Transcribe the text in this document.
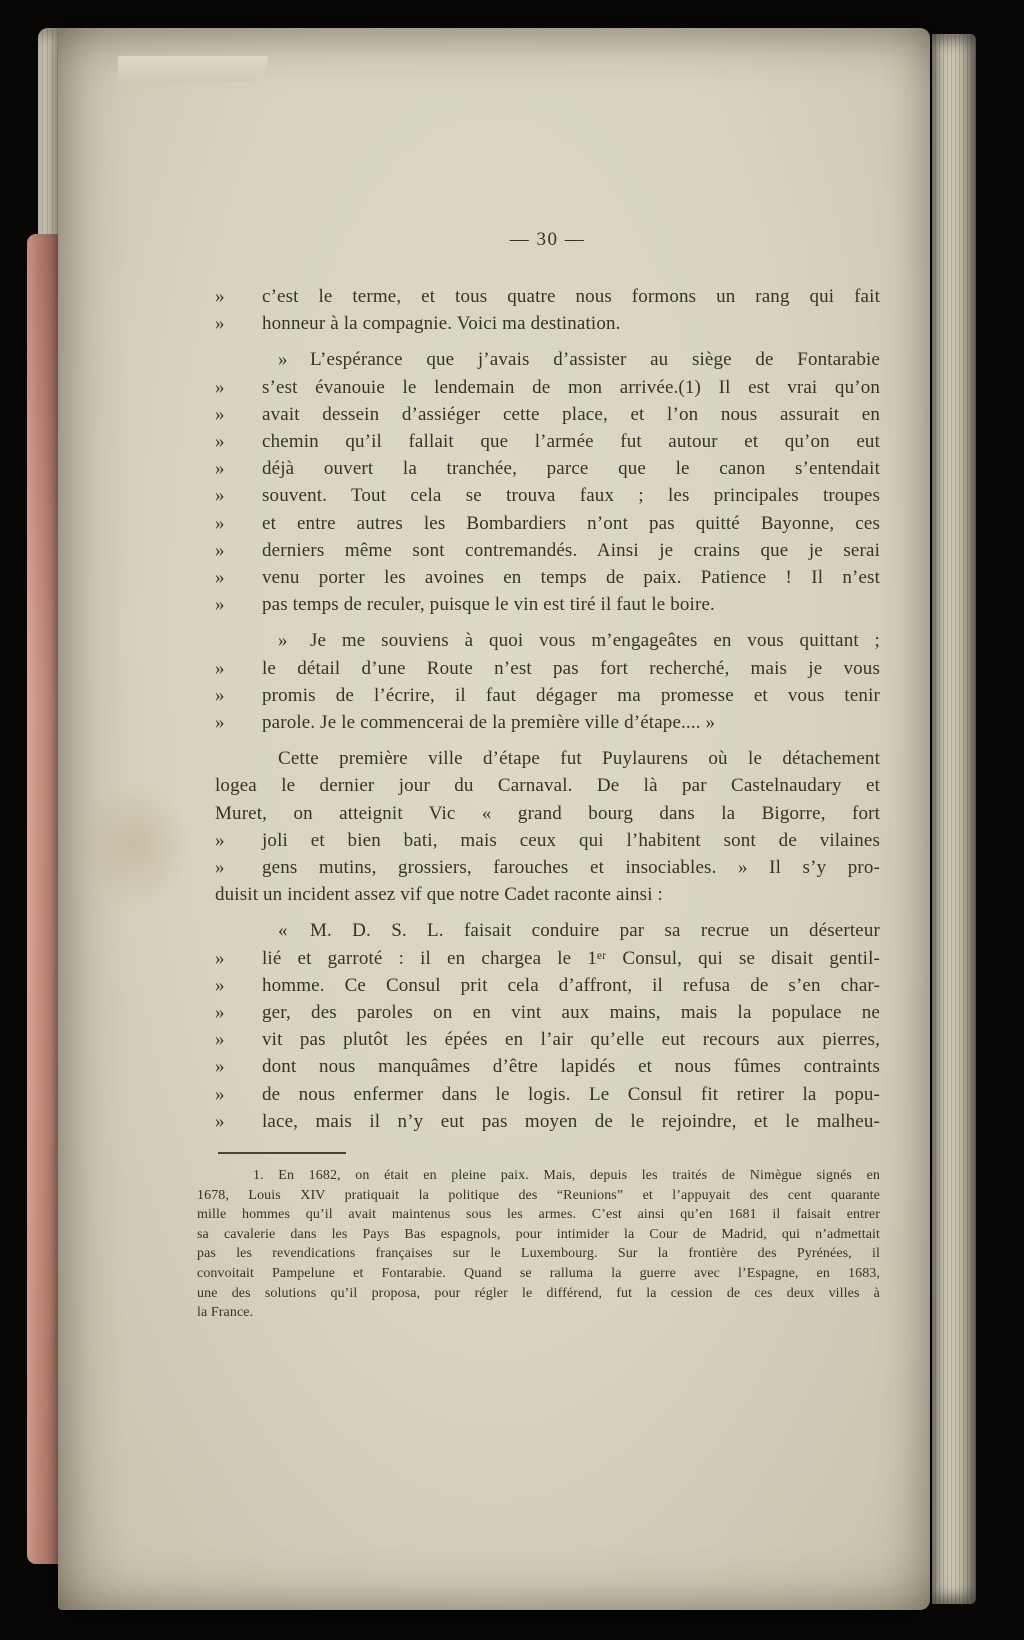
— 30 —
» c’est le terme, et tous quatre nous formons un rang qui fait
» honneur à la compagnie. Voici ma destination.
» L’espérance que j’avais d’assister au siège de Fontarabie
» s’est évanouie le lendemain de mon arrivée.(1) Il est vrai qu’on
» avait dessein d’assiéger cette place, et l’on nous assurait en
» chemin qu’il fallait que l’armée fut autour et qu’on eut
» déjà ouvert la tranchée, parce que le canon s’entendait
» souvent. Tout cela se trouva faux ; les principales troupes
» et entre autres les Bombardiers n’ont pas quitté Bayonne, ces
» derniers même sont contremandés. Ainsi je crains que je serai
» venu porter les avoines en temps de paix. Patience ! Il n’est
» pas temps de reculer, puisque le vin est tiré il faut le boire.
» Je me souviens à quoi vous m’engageâtes en vous quittant ;
» le détail d’une Route n’est pas fort recherché, mais je vous
» promis de l’écrire, il faut dégager ma promesse et vous tenir
» parole. Je le commencerai de la première ville d’étape.... »
Cette première ville d’étape fut Puylaurens où le détachement
logea le dernier jour du Carnaval. De là par Castelnaudary et
Muret, on atteignit Vic « grand bourg dans la Bigorre, fort
» joli et bien bati, mais ceux qui l’habitent sont de vilaines
» gens mutins, grossiers, farouches et insociables. » Il s’y pro-
duisit un incident assez vif que notre Cadet raconte ainsi :
« M. D. S. L. faisait conduire par sa recrue un déserteur
» lié et garroté : il en chargea le 1ᵉʳ Consul, qui se disait gentil-
» homme. Ce Consul prit cela d’affront, il refusa de s’en char-
» ger, des paroles on en vint aux mains, mais la populace ne
» vit pas plutôt les épées en l’air qu’elle eut recours aux pierres,
» dont nous manquâmes d’être lapidés et nous fûmes contraints
» de nous enfermer dans le logis. Le Consul fit retirer la popu-
» lace, mais il n’y eut pas moyen de le rejoindre, et le malheu-
1. En 1682, on était en pleine paix. Mais, depuis les traités de Nimègue signés en
1678, Louis XIV pratiquait la politique des “Reunions” et l’appuyait des cent quarante
mille hommes qu’il avait maintenus sous les armes. C’est ainsi qu’en 1681 il faisait entrer
sa cavalerie dans les Pays Bas espagnols, pour intimider la Cour de Madrid, qui n’admettait
pas les revendications françaises sur le Luxembourg. Sur la frontière des Pyrénées, il
convoitait Pampelune et Fontarabie. Quand se ralluma la guerre avec l’Espagne, en 1683,
une des solutions qu’il proposa, pour régler le différend, fut la cession de ces deux villes à
la France.
